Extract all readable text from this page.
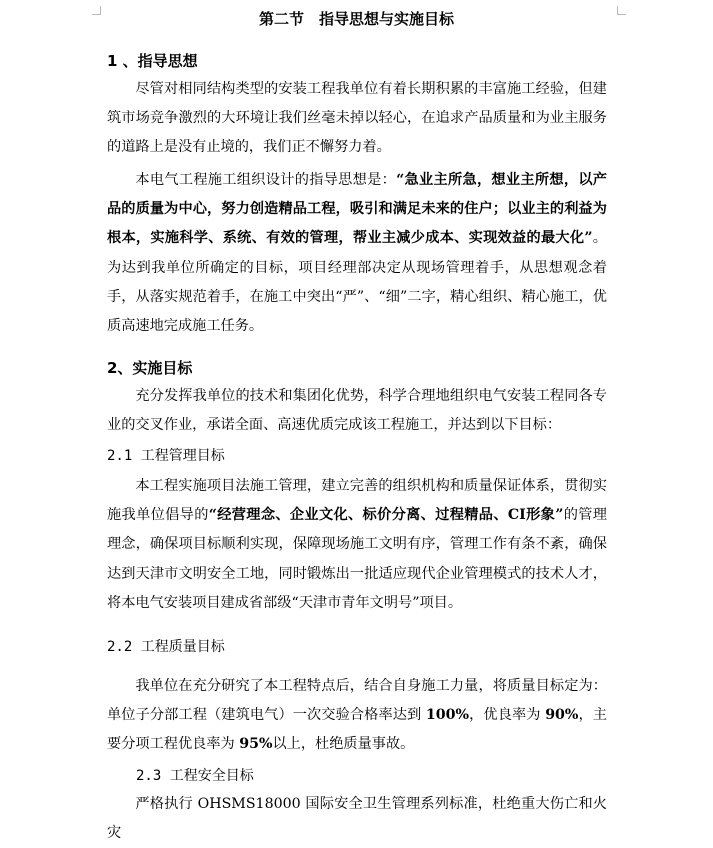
第二节　指导思想与实施目标
1 、指导思想

尽管对相同结构类型的安装工程我单位有着长期积累的丰富施工经验，但建筑市场竞争激烈的大环境让我们丝毫未掉以轻心，在追求产品质量和为业主服务的道路上是没有止境的，我们正不懈努力着。

本电气工程施工组织设计的指导思想是：“急业主所急，想业主所想，以产品的质量为中心，努力创造精品工程，吸引和满足未来的住户；以业主的利益为根本，实施科学、系统、有效的管理，帮业主减少成本、实现效益的最大化”。为达到我单位所确定的目标，项目经理部决定从现场管理着手，从思想观念着手，从落实规范着手，在施工中突出“严”、“细”二字，精心组织、精心施工，优质高速地完成施工任务。

2、实施目标

充分发挥我单位的技术和集团化优势，科学合理地组织电气安装工程同各专业的交叉作业，承诺全面、高速优质完成该工程施工，并达到以下目标：

2.1 工程管理目标

本工程实施项目法施工管理，建立完善的组织机构和质量保证体系，贯彻实施我单位倡导的“经营理念、企业文化、标价分离、过程精品、CI形象”的管理理念，确保项目标顺利实现，保障现场施工文明有序，管理工作有条不紊，确保达到天津市文明安全工地，同时锻炼出一批适应现代企业管理模式的技术人才，将本电气安装项目建成省部级“天津市青年文明号”项目。

2.2 工程质量目标

我单位在充分研究了本工程特点后，结合自身施工力量，将质量目标定为：单位子分部工程（建筑电气）一次交验合格率达到 100%，优良率为 90%，主要分项工程优良率为 95%以上，杜绝质量事故。

2.3 工程安全目标

严格执行 OHSMS18000 国际安全卫生管理系列标准，杜绝重大伤亡和火灾
